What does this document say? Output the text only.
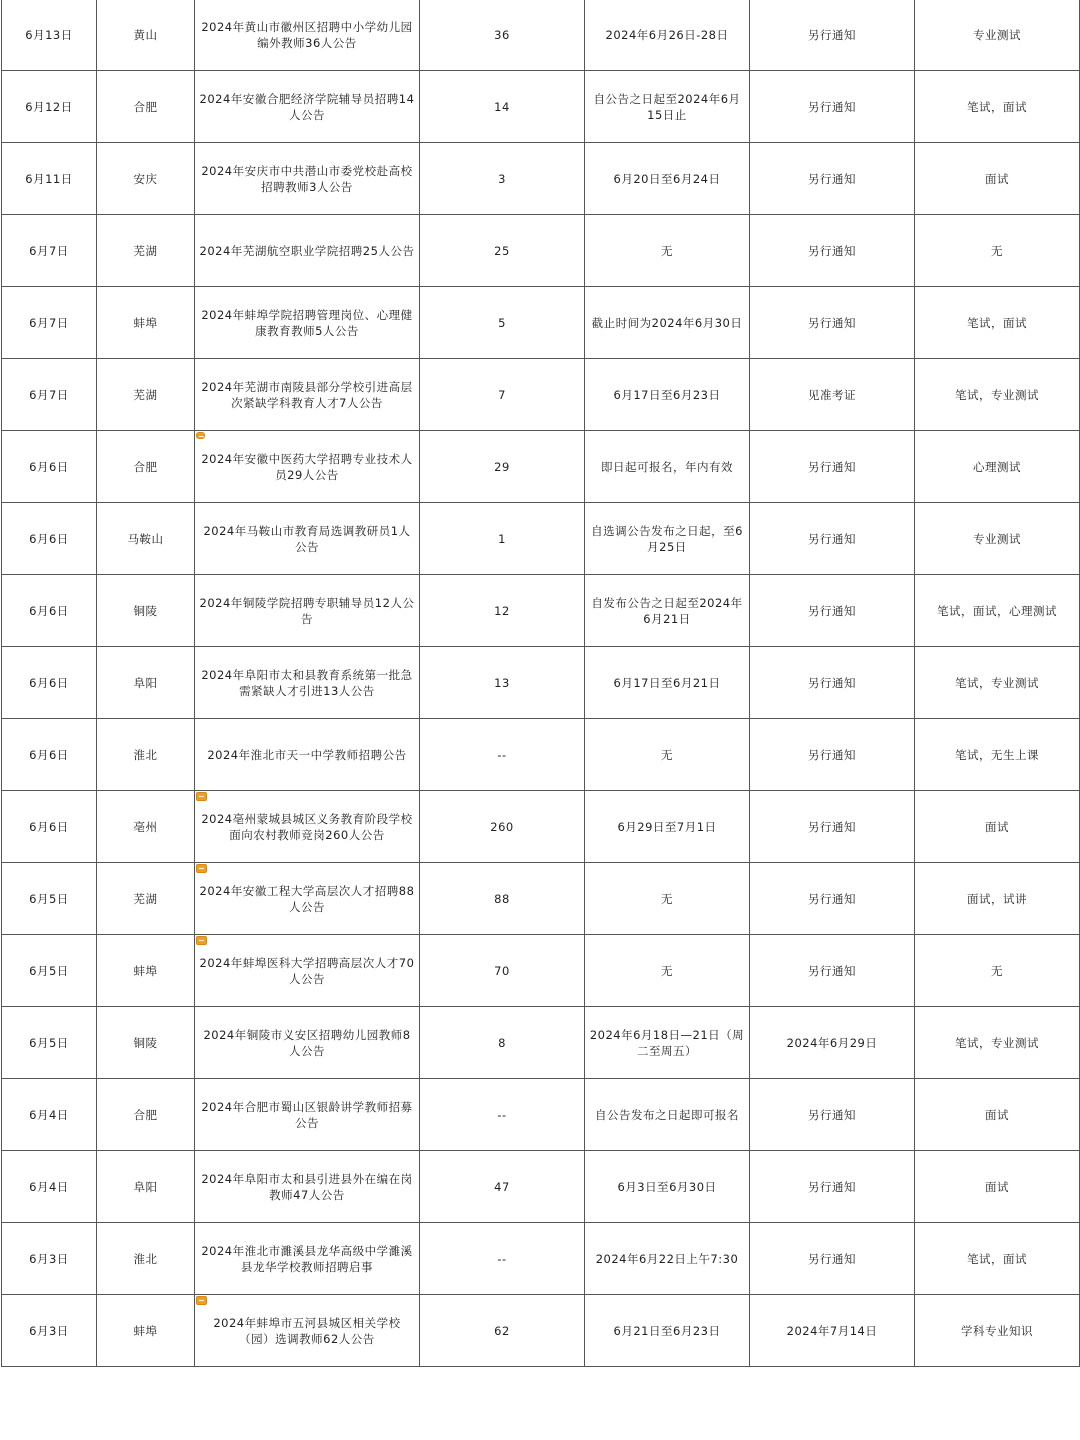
6月13日	黄山	2024年黄山市徽州区招聘中小学幼儿园编外教师36人公告	36	2024年6月26日-28日	另行通知	专业测试
6月12日	合肥	2024年安徽合肥经济学院辅导员招聘14人公告	14	自公告之日起至2024年6月15日止	另行通知	笔试，面试
6月11日	安庆	2024年安庆市中共潜山市委党校赴高校招聘教师3人公告	3	6月20日至6月24日	另行通知	面试
6月7日	芜湖	2024年芜湖航空职业学院招聘25人公告	25	无	另行通知	无
6月7日	蚌埠	2024年蚌埠学院招聘管理岗位、心理健康教育教师5人公告	5	截止时间为2024年6月30日	另行通知	笔试，面试
6月7日	芜湖	2024年芜湖市南陵县部分学校引进高层次紧缺学科教育人才7人公告	7	6月17日至6月23日	见准考证	笔试，专业测试
6月6日	合肥	2024年安徽中医药大学招聘专业技术人员29人公告	29	即日起可报名，年内有效	另行通知	心理测试
6月6日	马鞍山	2024年马鞍山市教育局选调教研员1人公告	1	自选调公告发布之日起，至6月25日	另行通知	专业测试
6月6日	铜陵	2024年铜陵学院招聘专职辅导员12人公告	12	自发布公告之日起至2024年6月21日	另行通知	笔试，面试，心理测试
6月6日	阜阳	2024年阜阳市太和县教育系统第一批急需紧缺人才引进13人公告	13	6月17日至6月21日	另行通知	笔试，专业测试
6月6日	淮北	2024年淮北市天一中学教师招聘公告	--	无	另行通知	笔试，无生上课
6月6日	亳州	2024亳州蒙城县城区义务教育阶段学校面向农村教师竞岗260人公告	260	6月29日至7月1日	另行通知	面试
6月5日	芜湖	2024年安徽工程大学高层次人才招聘88人公告	88	无	另行通知	面试，试讲
6月5日	蚌埠	2024年蚌埠医科大学招聘高层次人才70人公告	70	无	另行通知	无
6月5日	铜陵	2024年铜陵市义安区招聘幼儿园教师8人公告	8	2024年6月18日—21日（周二至周五）	2024年6月29日	笔试，专业测试
6月4日	合肥	2024年合肥市蜀山区银龄讲学教师招募公告	--	自公告发布之日起即可报名	另行通知	面试
6月4日	阜阳	2024年阜阳市太和县引进县外在编在岗教师47人公告	47	6月3日至6月30日	另行通知	面试
6月3日	淮北	2024年淮北市濉溪县龙华高级中学濉溪县龙华学校教师招聘启事	--	2024年6月22日上午7:30	另行通知	笔试，面试
6月3日	蚌埠	2024年蚌埠市五河县城区相关学校（园）选调教师62人公告	62	6月21日至6月23日	2024年7月14日	学科专业知识
